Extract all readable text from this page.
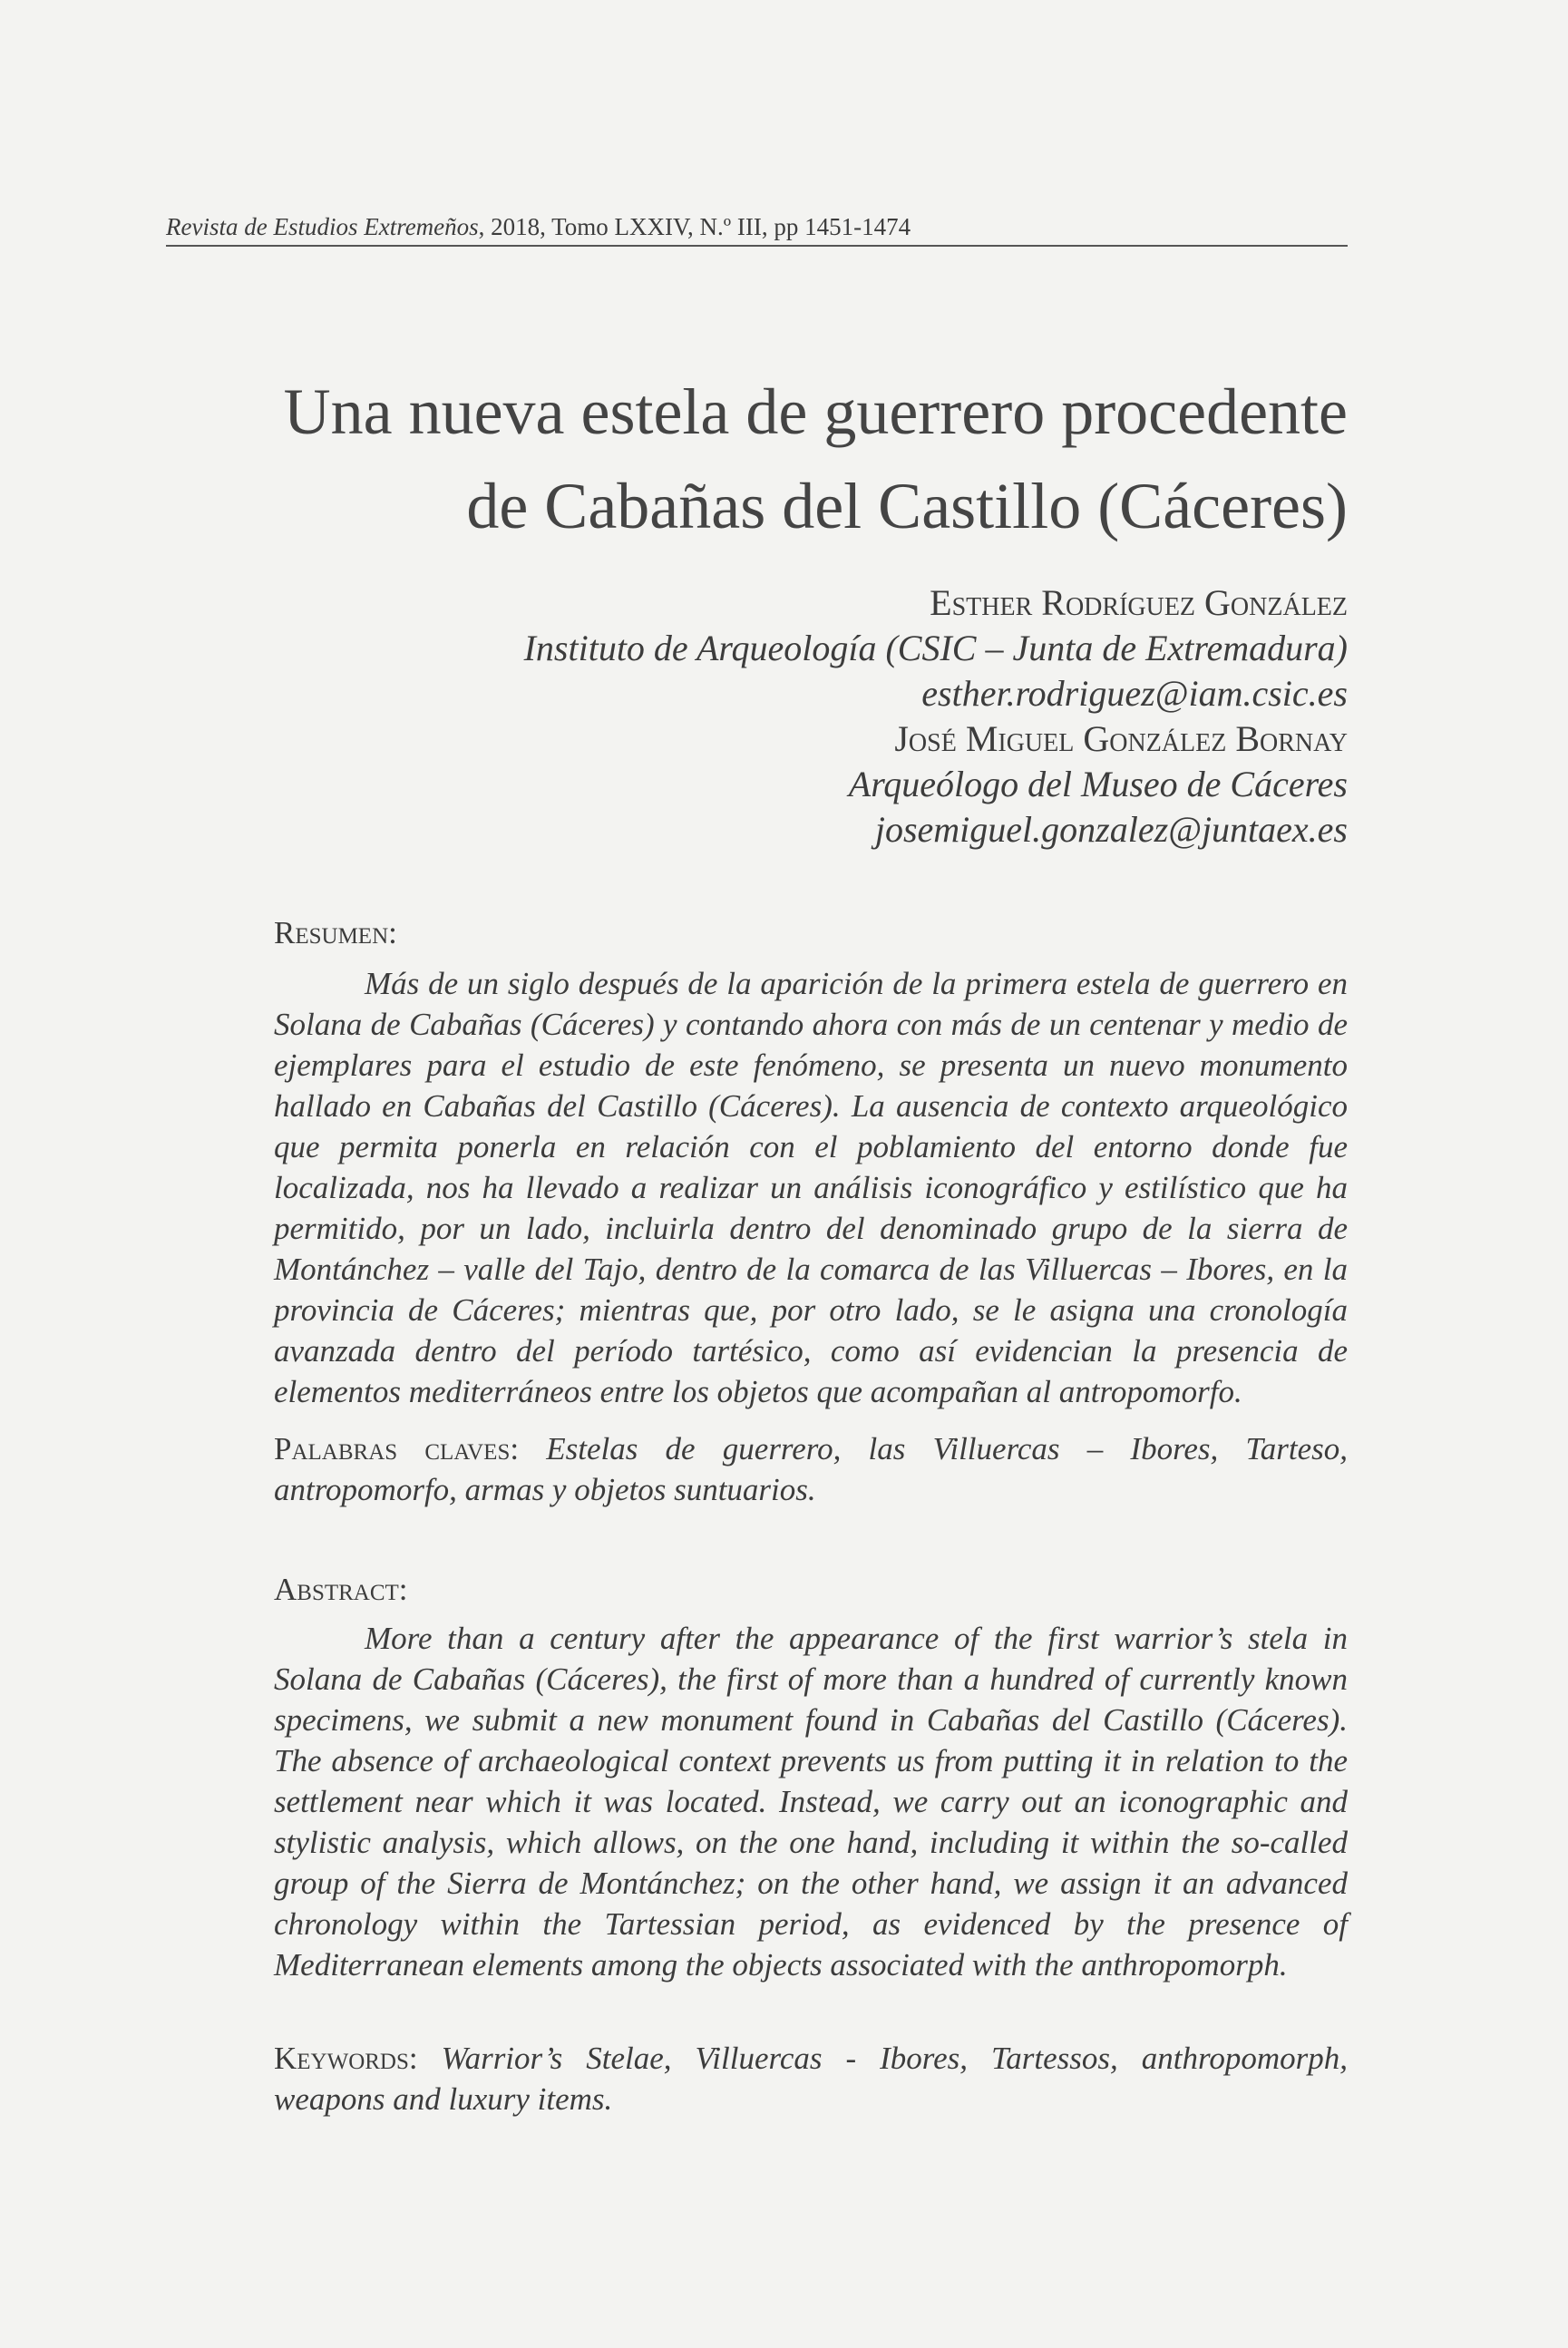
Revista de Estudios Extremeños, 2018, Tomo LXXIV, N.º III, pp 1451-1474
Una nueva estela de guerrero procedente
de Cabañas del Castillo (Cáceres)
Esther Rodríguez González
Instituto de Arqueología (CSIC – Junta de Extremadura)
esther.rodriguez@iam.csic.es
José Miguel González Bornay
Arqueólogo del Museo de Cáceres
josemiguel.gonzalez@juntaex.es
Resumen:

Más de un siglo después de la aparición de la primera estela de guerrero en Solana de Cabañas (Cáceres) y contando ahora con más de un centenar y medio de ejemplares para el estudio de este fenómeno, se presenta un nuevo monumento hallado en Cabañas del Castillo (Cáceres). La ausencia de contexto arqueológico que permita ponerla en relación con el poblamiento del entorno donde fue localizada, nos ha llevado a realizar un análisis iconográfico y estilístico que ha permitido, por un lado, incluirla dentro del denominado grupo de la sierra de Montánchez – valle del Tajo, dentro de la comarca de las Villuercas – Ibores, en la provincia de Cáceres; mientras que, por otro lado, se le asigna una cronología avanzada dentro del período tartésico, como así evidencian la presencia de elementos mediterráneos entre los objetos que acompañan al antropomorfo.

Palabras claves: Estelas de guerrero, las Villuercas – Ibores, Tarteso, antropomorfo, armas y objetos suntuarios.

Abstract:

More than a century after the appearance of the first warrior’s stela in Solana de Cabañas (Cáceres), the first of more than a hundred of currently known specimens, we submit a new monument found in Cabañas del Castillo (Cáceres). The absence of archaeological context prevents us from putting it in relation to the settlement near which it was located. Instead, we carry out an iconographic and stylistic analysis, which allows, on the one hand, including it within the so-called group of the Sierra de Montánchez; on the other hand, we assign it an advanced chronology within the Tartessian period, as evidenced by the presence of Mediterranean elements among the objects associated with the anthropomorph.

Keywords: Warrior’s Stelae, Villuercas - Ibores, Tartessos, anthropomorph, weapons and luxury items.
